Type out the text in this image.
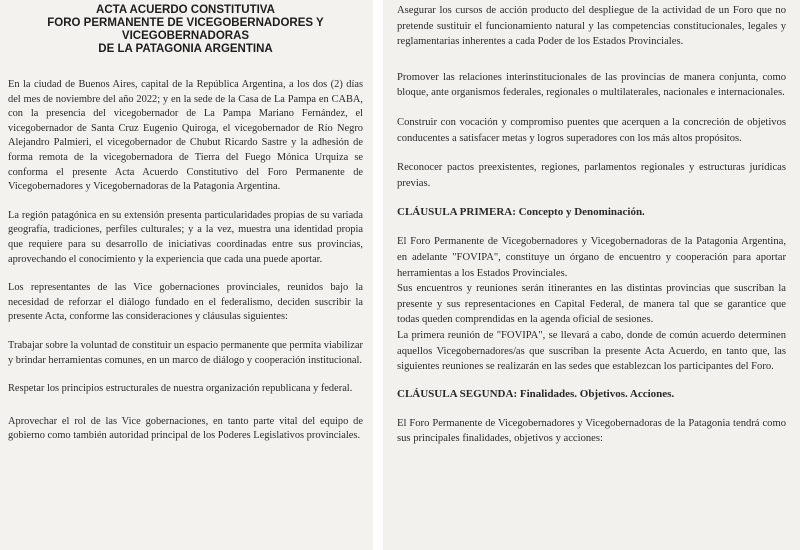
ACTA ACUERDO CONSTITUTIVA
FORO PERMANENTE DE VICEGOBERNADORES Y
VICEGOBERNADORAS
DE LA PATAGONIA ARGENTINA

En la ciudad de Buenos Aires, capital de la República Argentina, a los dos (2) días del mes de noviembre del año 2022; y en la sede de la Casa de La Pampa en CABA, con la presencia del vicegobernador de La Pampa Mariano Fernández, el vicegobernador de Santa Cruz Eugenio Quiroga, el vicegobernador de Río Negro Alejandro Palmieri, el vicegobernador de Chubut Ricardo Sastre y la adhesión de forma remota de la vicegobernadora de Tierra del Fuego Mónica Urquiza se conforma el presente Acta Acuerdo Constitutivo del Foro Permanente de Vicegobernadores y Vicegobernadoras de la Patagonia Argentina.

La región patagónica en su extensión presenta particularidades propias de su variada geografía, tradiciones, perfiles culturales; y a la vez, muestra una identidad propia que requiere para su desarrollo de iniciativas coordinadas entre sus provincias, aprovechando el conocimiento y la experiencia que cada una puede aportar.

Los representantes de las Vice gobernaciones provinciales, reunidos bajo la necesidad de reforzar el diálogo fundado en el federalismo, deciden suscribir la presente Acta, conforme las consideraciones y cláusulas siguientes:

Trabajar sobre la voluntad de constituir un espacio permanente que permita viabilizar y brindar herramientas comunes, en un marco de diálogo y cooperación institucional.

Respetar los principios estructurales de nuestra organización republicana y federal.

Aprovechar el rol de las Vice gobernaciones, en tanto parte vital del equipo de gobierno como también autoridad principal de los Poderes Legislativos provinciales.

Asegurar los cursos de acción producto del despliegue de la actividad de un Foro que no pretende sustituir el funcionamiento natural y las competencias constitucionales, legales y reglamentarias inherentes a cada Poder de los Estados Provinciales.

Promover las relaciones interinstitucionales de las provincias de manera conjunta, como bloque, ante organismos federales, regionales o multilaterales, nacionales e internacionales.

Construir con vocación y compromiso puentes que acerquen a la concreción de objetivos conducentes a satisfacer metas y logros superadores con los más altos propósitos.

Reconocer pactos preexistentes, regiones, parlamentos regionales y estructuras jurídicas previas.

CLÁUSULA PRIMERA: Concepto y Denominación.

El Foro Permanente de Vicegobernadores y Vicegobernadoras de la Patagonia Argentina, en adelante "FOVIPA", constituye un órgano de encuentro y cooperación para aportar herramientas a los Estados Provinciales.

Sus encuentros y reuniones serán itinerantes en las distintas provincias que suscriban la presente y sus representaciones en Capital Federal, de manera tal que se garantice que todas queden comprendidas en la agenda oficial de sesiones.

La primera reunión de "FOVIPA", se llevará a cabo, donde de común acuerdo determinen aquellos Vicegobernadores/as que suscriban la presente Acta Acuerdo, en tanto que, las siguientes reuniones se realizarán en las sedes que establezcan los participantes del Foro.

CLÁUSULA SEGUNDA: Finalidades. Objetivos. Acciones.

El Foro Permanente de Vicegobernadores y Vicegobernadoras de la Patagonia tendrá como sus principales finalidades, objetivos y acciones:
